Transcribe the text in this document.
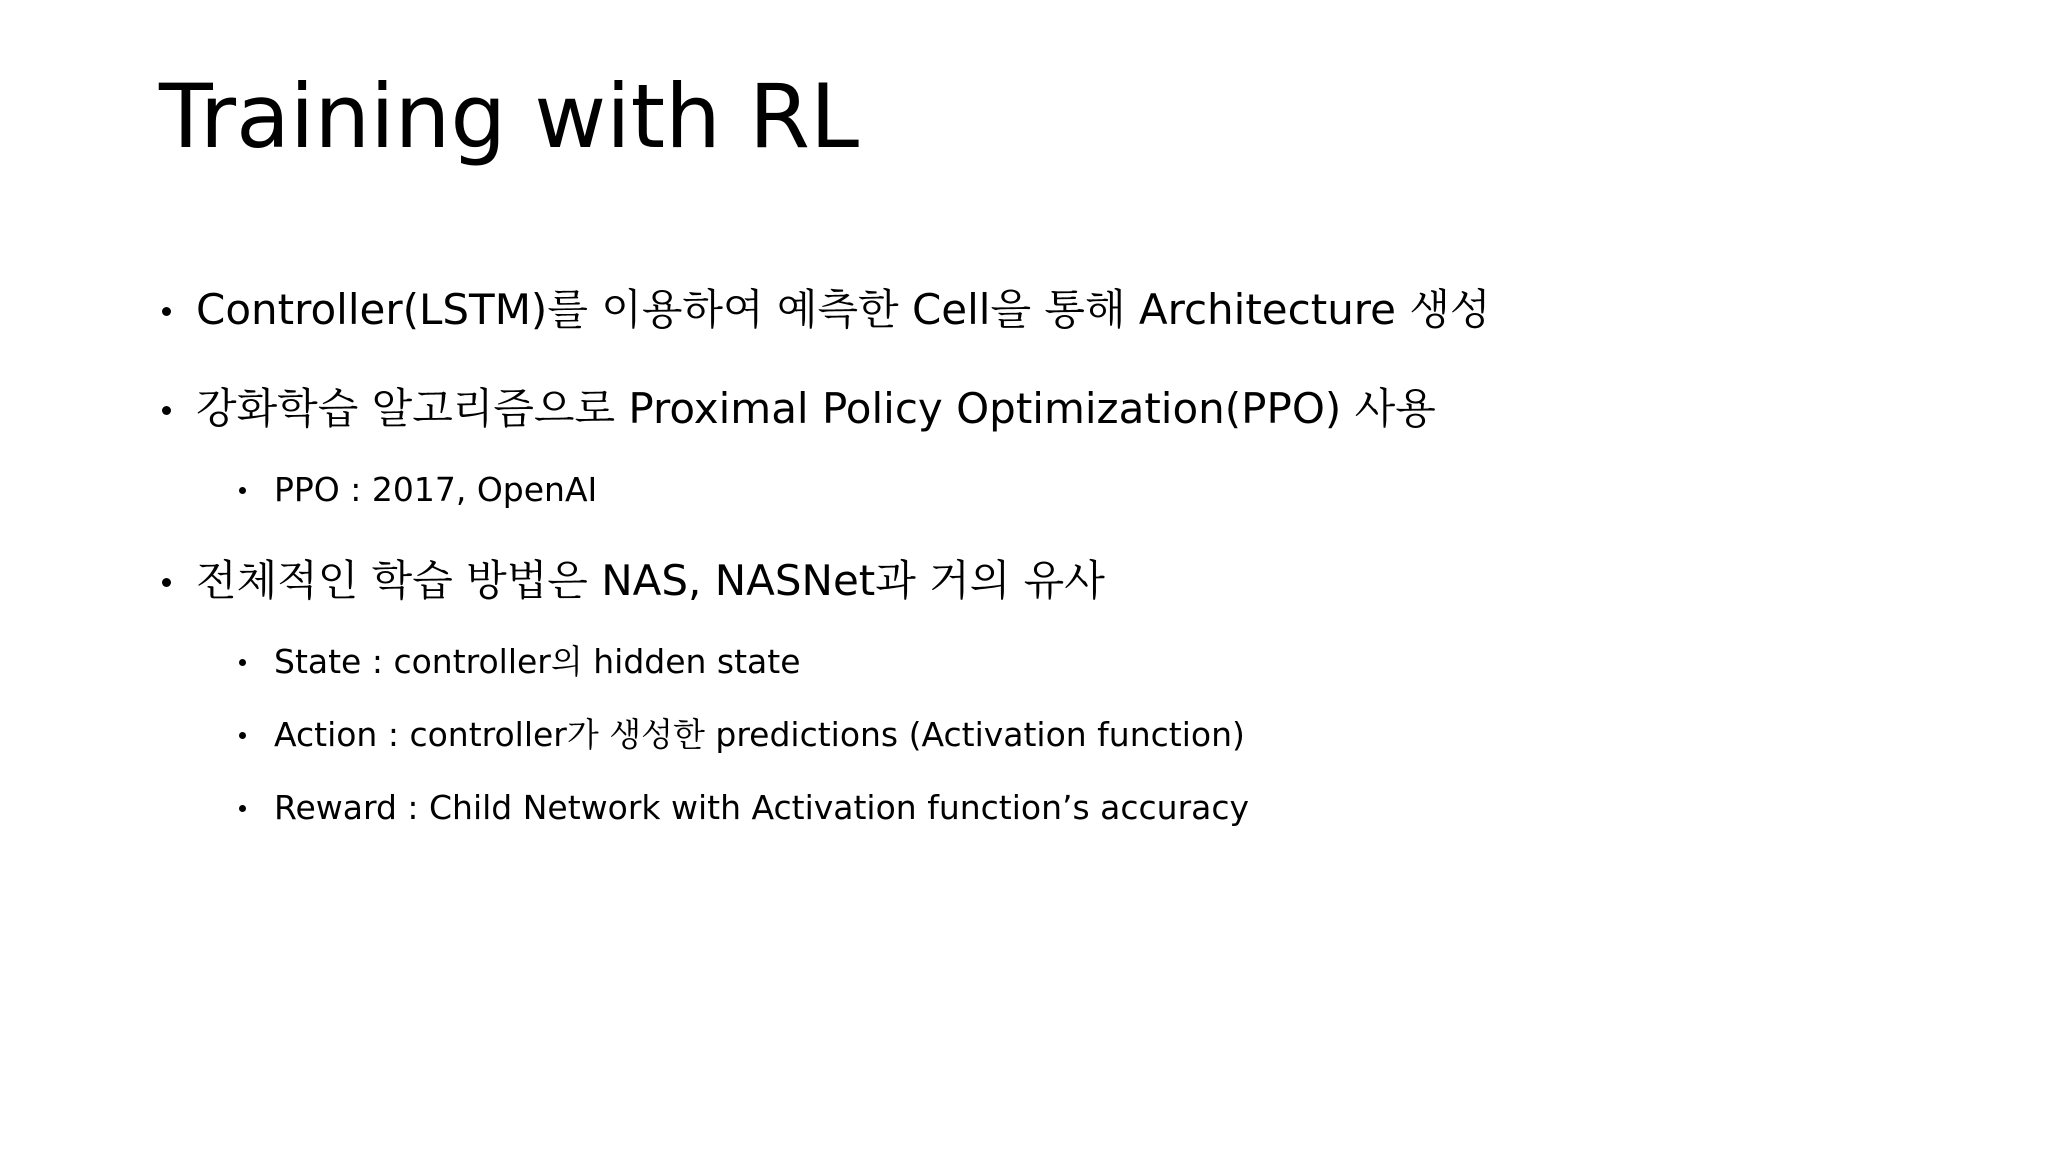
Training with RL
Controller(LSTM)를 이용하여 예측한 Cell을 통해 Architecture 생성
강화학습 알고리즘으로 Proximal Policy Optimization(PPO) 사용
PPO : 2017, OpenAI
전체적인 학습 방법은 NAS, NASNet과 거의 유사
State : controller의 hidden state
Action : controller가 생성한 predictions (Activation function)
Reward : Child Network with Activation function’s accuracy
